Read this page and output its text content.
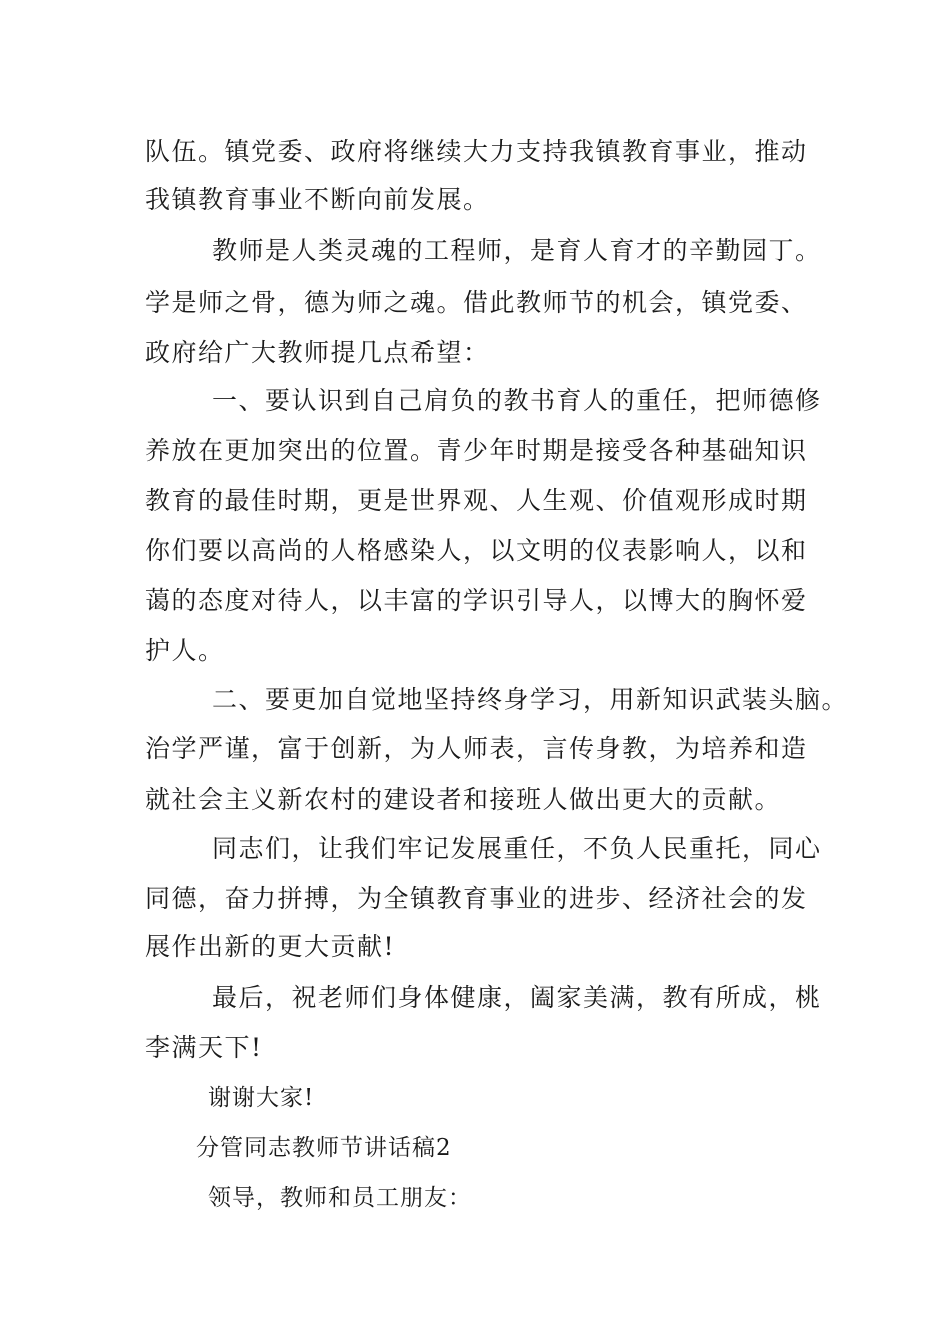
队伍。镇党委、政府将继续大力支持我镇教育事业，推动
我镇教育事业不断向前发展。
教师是人类灵魂的工程师，是育人育才的辛勤园丁。
学是师之骨，德为师之魂。借此教师节的机会，镇党委、
政府给广大教师提几点希望：
一、要认识到自己肩负的教书育人的重任，把师德修
养放在更加突出的位置。青少年时期是接受各种基础知识
教育的最佳时期，更是世界观、人生观、价值观形成时期
你们要以高尚的人格感染人，以文明的仪表影响人，以和
蔼的态度对待人，以丰富的学识引导人，以博大的胸怀爱
护人。
二、要更加自觉地坚持终身学习，用新知识武装头脑。
治学严谨，富于创新，为人师表，言传身教，为培养和造
就社会主义新农村的建设者和接班人做出更大的贡献。
同志们，让我们牢记发展重任，不负人民重托，同心
同德，奋力拼搏，为全镇教育事业的进步、经济社会的发
展作出新的更大贡献!
最后，祝老师们身体健康，阖家美满，教有所成，桃
李满天下!
谢谢大家!
分管同志教师节讲话稿2
领导，教师和员工朋友：
